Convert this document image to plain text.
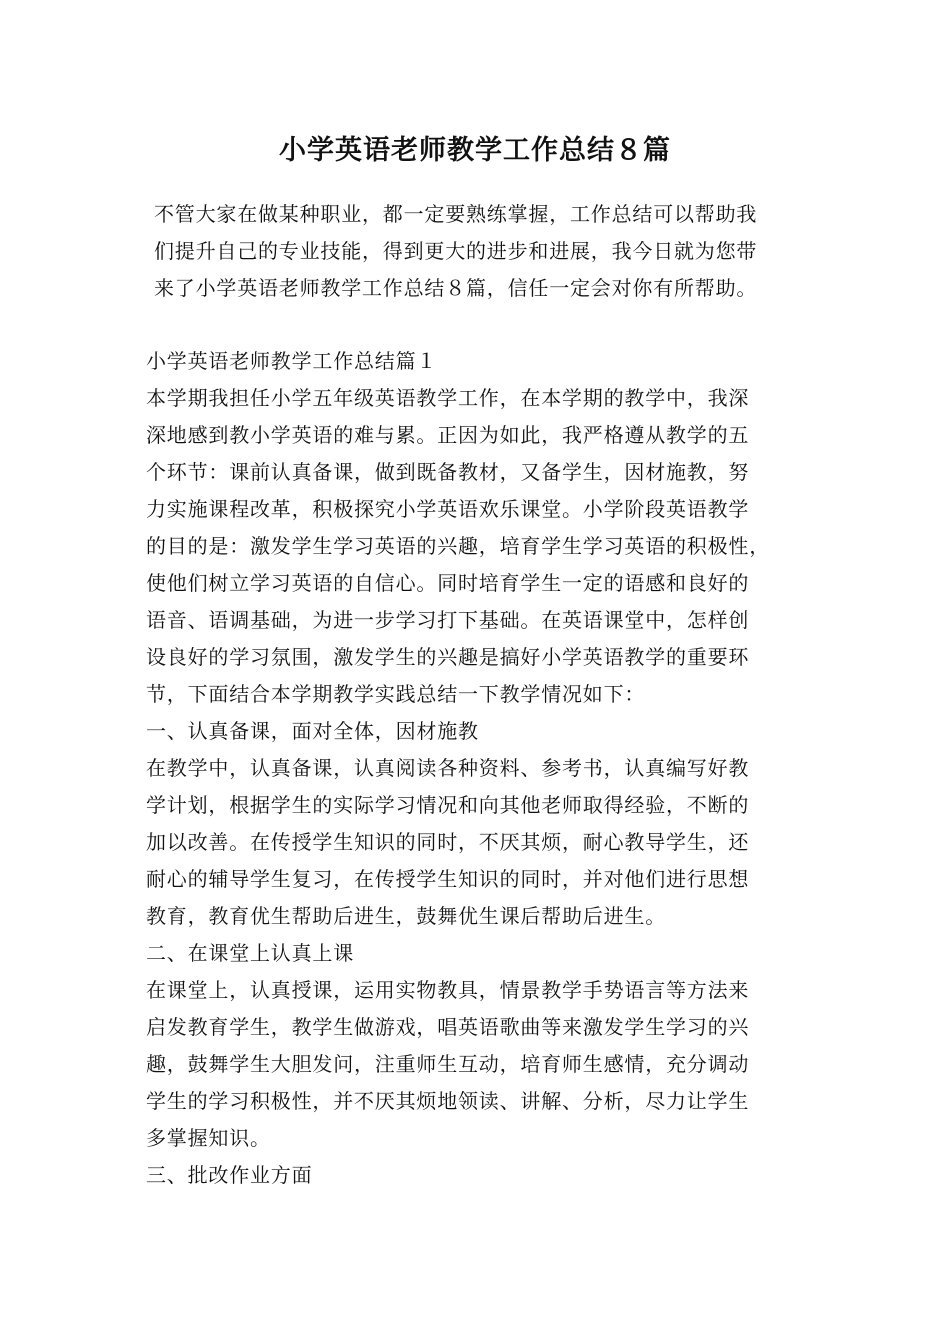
小学英语老师教学工作总结８篇
不管大家在做某种职业，都一定要熟练掌握，工作总结可以帮助我
们提升自己的专业技能，得到更大的进步和进展，我今日就为您带
来了小学英语老师教学工作总结８篇，信任一定会对你有所帮助。
小学英语老师教学工作总结篇１
本学期我担任小学五年级英语教学工作，在本学期的教学中，我深
深地感到教小学英语的难与累。正因为如此，我严格遵从教学的五
个环节：课前认真备课，做到既备教材，又备学生，因材施教，努
力实施课程改革，积极探究小学英语欢乐课堂。小学阶段英语教学
的目的是：激发学生学习英语的兴趣，培育学生学习英语的积极性，
使他们树立学习英语的自信心。同时培育学生一定的语感和良好的
语音、语调基础，为进一步学习打下基础。在英语课堂中，怎样创
设良好的学习氛围，激发学生的兴趣是搞好小学英语教学的重要环
节，下面结合本学期教学实践总结一下教学情况如下：
一、认真备课，面对全体，因材施教
在教学中，认真备课，认真阅读各种资料、参考书，认真编写好教
学计划，根据学生的实际学习情况和向其他老师取得经验，不断的
加以改善。在传授学生知识的同时，不厌其烦，耐心教导学生，还
耐心的辅导学生复习，在传授学生知识的同时，并对他们进行思想
教育，教育优生帮助后进生，鼓舞优生课后帮助后进生。
二、在课堂上认真上课
在课堂上，认真授课，运用实物教具，情景教学手势语言等方法来
启发教育学生，教学生做游戏，唱英语歌曲等来激发学生学习的兴
趣，鼓舞学生大胆发问，注重师生互动，培育师生感情，充分调动
学生的学习积极性，并不厌其烦地领读、讲解、分析，尽力让学生
多掌握知识。
三、批改作业方面
